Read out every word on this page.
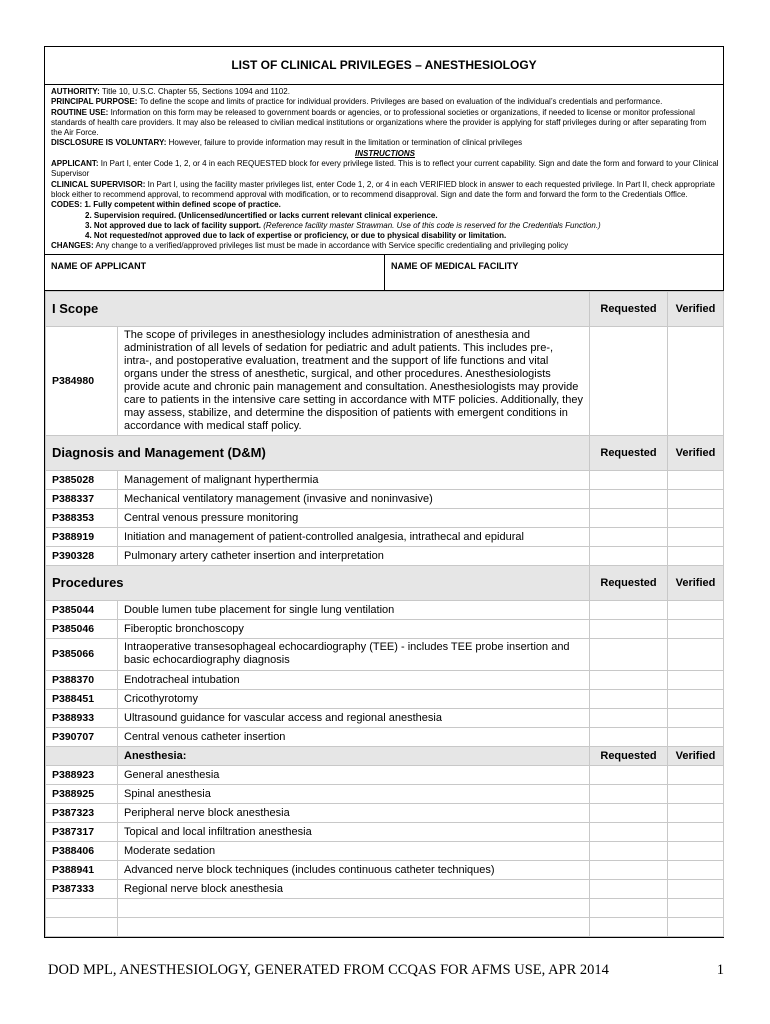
LIST OF CLINICAL PRIVILEGES – ANESTHESIOLOGY
AUTHORITY: Title 10, U.S.C. Chapter 55, Sections 1094 and 1102.
PRINCIPAL PURPOSE: To define the scope and limits of practice for individual providers. Privileges are based on evaluation of the individual’s credentials and performance.
ROUTINE USE: Information on this form may be released to government boards or agencies, or to professional societies or organizations, if needed to license or monitor professional standards of health care providers. It may also be released to civilian medical institutions or organizations where the provider is applying for staff privileges during or after separating from the Air Force.
DISCLOSURE IS VOLUNTARY: However, failure to provide information may result in the limitation or termination of clinical privileges
INSTRUCTIONS
APPLICANT: In Part I, enter Code 1, 2, or 4 in each REQUESTED block for every privilege listed. This is to reflect your current capability. Sign and date the form and forward to your Clinical Supervisor
CLINICAL SUPERVISOR: In Part I, using the facility master privileges list, enter Code 1, 2, or 4 in each VERIFIED block in answer to each requested privilege. In Part II, check appropriate block either to recommend approval, to recommend approval with modification, or to recommend disapproval. Sign and date the form and forward the form to the Credentials Office.
CODES: 1. Fully competent within defined scope of practice.
2. Supervision required. (Unlicensed/uncertified or lacks current relevant clinical experience.
3. Not approved due to lack of facility support. (Reference facility master Strawman. Use of this code is reserved for the Credentials Function.)
4. Not requested/not approved due to lack of expertise or proficiency, or due to physical disability or limitation.
CHANGES: Any change to a verified/approved privileges list must be made in accordance with Service specific credentialing and privileging policy
NAME OF APPLICANT	NAME OF MEDICAL FACILITY
I Scope		Requested	Verified
P384980	The scope of privileges in anesthesiology includes administration of anesthesia and administration of all levels of sedation for pediatric and adult patients. This includes pre-, intra-, and postoperative evaluation, treatment and the support of life functions and vital organs under the stress of anesthetic, surgical, and other procedures. Anesthesiologists provide acute and chronic pain management and consultation. Anesthesiologists may provide care to patients in the intensive care setting in accordance with MTF policies. Additionally, they may assess, stabilize, and determine the disposition of patients with emergent conditions in accordance with medical staff policy.		
Diagnosis and Management (D&M)		Requested	Verified
P385028	Management of malignant hyperthermia		
P388337	Mechanical ventilatory management (invasive and noninvasive)		
P388353	Central venous pressure monitoring		
P388919	Initiation and management of patient-controlled analgesia, intrathecal and epidural		
P390328	Pulmonary artery catheter insertion and interpretation		
Procedures		Requested	Verified
P385044	Double lumen tube placement for single lung ventilation		
P385046	Fiberoptic bronchoscopy		
P385066	Intraoperative transesophageal echocardiography (TEE) - includes TEE probe insertion and basic echocardiography diagnosis		
P388370	Endotracheal intubation		
P388451	Cricothyrotomy		
P388933	Ultrasound guidance for vascular access and regional anesthesia		
P390707	Central venous catheter insertion		
	Anesthesia:	Requested	Verified
P388923	General anesthesia		
P388925	Spinal anesthesia		
P387323	Peripheral nerve block anesthesia		
P387317	Topical and local infiltration anesthesia		
P388406	Moderate sedation		
P388941	Advanced nerve block techniques (includes continuous catheter techniques)		
P387333	Regional nerve block anesthesia		

DOD MPL, ANESTHESIOLOGY, GENERATED FROM CCQAS FOR AFMS USE, APR 2014	1
